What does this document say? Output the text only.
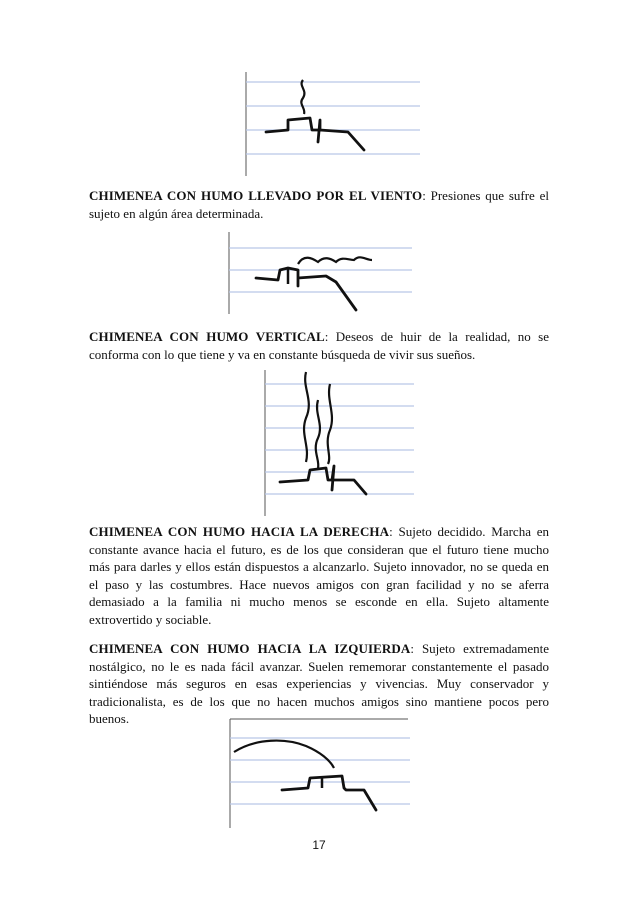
CHIMENEA CON HUMO LLEVADO POR EL VIENTO: Presiones que sufre el sujeto en algún área determinada.

CHIMENEA CON HUMO VERTICAL: Deseos de huir de la realidad, no se conforma con lo que tiene y va en constante búsqueda de vivir sus sueños.

CHIMENEA CON HUMO HACIA LA DERECHA: Sujeto decidido. Marcha en constante avance hacia el futuro, es de los que consideran que el futuro tiene mucho más para darles y ellos están dispuestos a alcanzarlo. Sujeto innovador, no se queda en el paso y las costumbres. Hace nuevos amigos con gran facilidad y no se aferra demasiado a la familia ni mucho menos se esconde en ella. Sujeto altamente extrovertido y sociable.

CHIMENEA CON HUMO HACIA LA IZQUIERDA: Sujeto extremadamente nostálgico, no le es nada fácil avanzar. Suelen rememorar constantemente el pasado sintiéndose más seguros en esas experiencias y vivencias. Muy conservador y tradicionalista, es de los que no hacen muchos amigos sino mantiene pocos pero buenos.

17
